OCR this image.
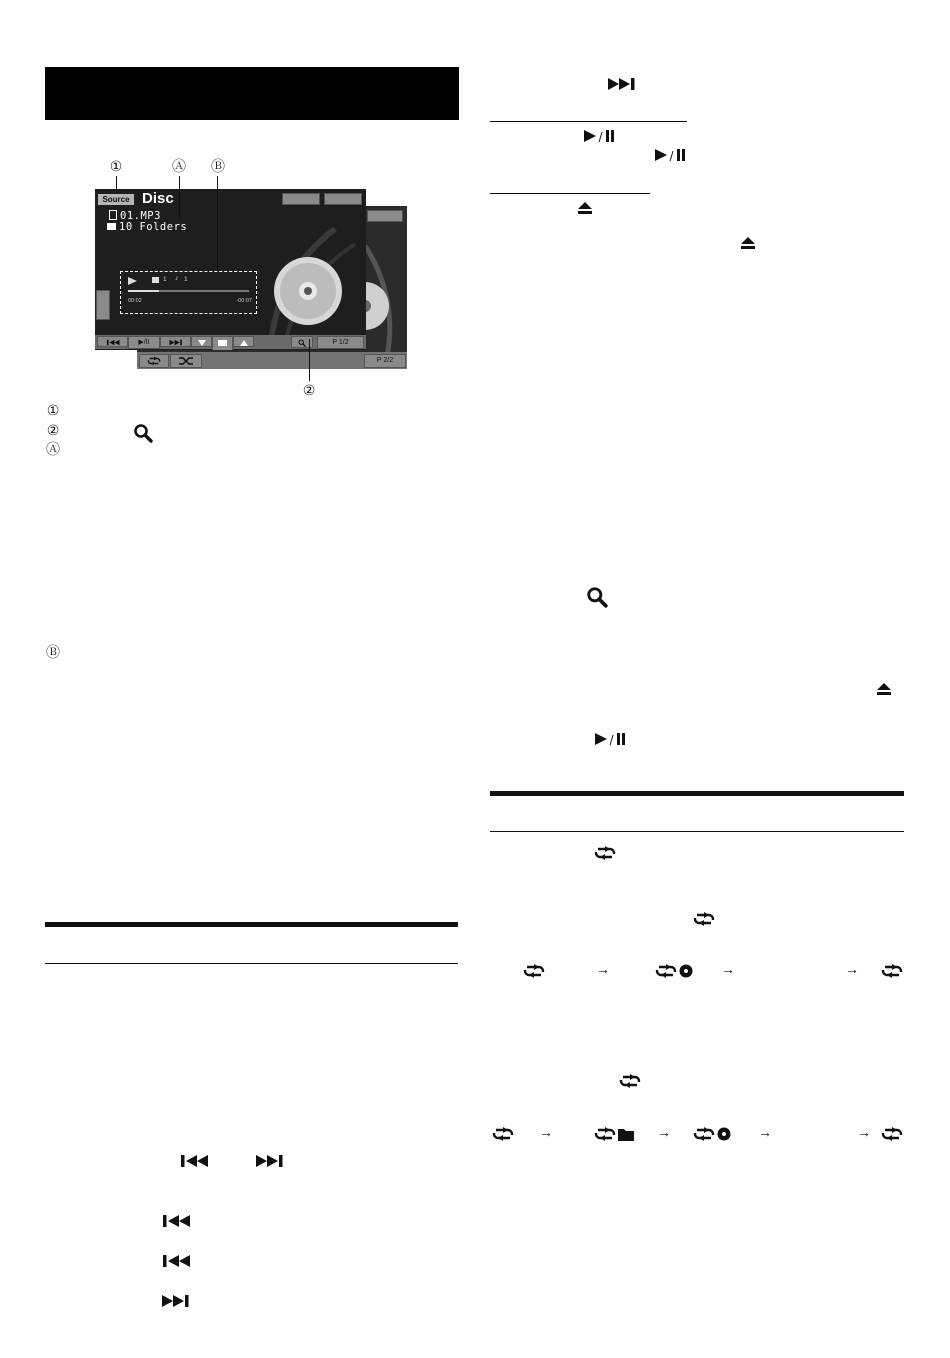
P 2/2
Source Disc
01.MP3
10 Folders
1 ♪ 1
00:02	-00:07
▶/II	P 1/2
①	Ⓐ Ⓑ
②
①
②
Ⓐ
Ⓑ
→	→	→
→	→	→	→
